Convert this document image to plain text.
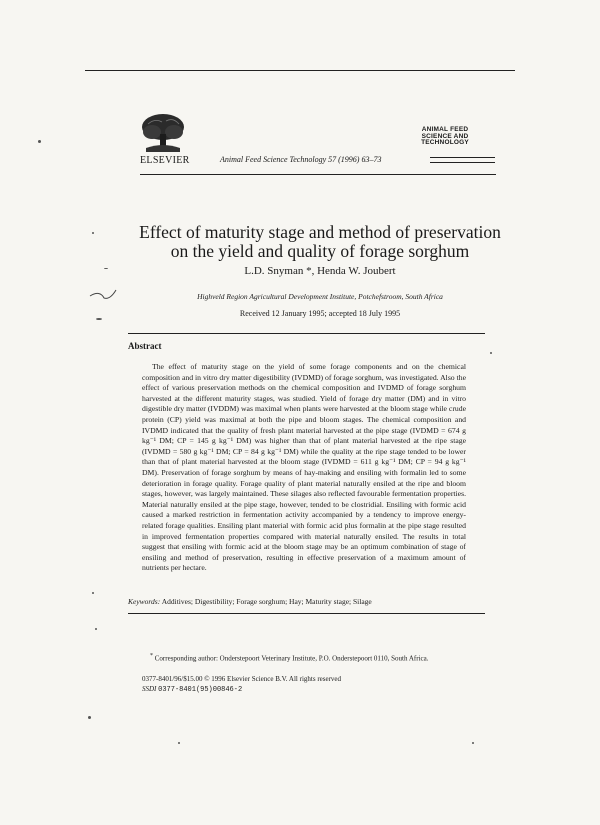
ELSEVIER
ANIMAL FEED
SCIENCE AND
TECHNOLOGY
Animal Feed Science Technology 57 (1996) 63–73
Effect of maturity stage and method of preservation
on the yield and quality of forage sorghum
L.D. Snyman *, Henda W. Joubert
Highveld Region Agricultural Development Institute, Potchefstroom, South Africa
Received 12 January 1995; accepted 18 July 1995
Abstract
The effect of maturity stage on the yield of some forage components and on the chemical composition and in vitro dry matter digestibility (IVDMD) of forage sorghum, was investigated. Also the effect of various preservation methods on the chemical composition and IVDMD of forage sorghum harvested at the different maturity stages, was studied. Yield of forage dry matter (DM) and in vitro digestible dry matter (IVDDM) was maximal when plants were harvested at the bloom stage while crude protein (CP) yield was maximal at both the pipe and bloom stages. The chemical composition and IVDMD indicated that the quality of fresh plant material harvested at the pipe stage (IVDMD = 674 g kg⁻¹ DM; CP = 145 g kg⁻¹ DM) was higher than that of plant material harvested at the ripe stage (IVDMD = 580 g kg⁻¹ DM; CP = 84 g kg⁻¹ DM) while the quality at the ripe stage tended to be lower than that of plant material harvested at the bloom stage (IVDMD = 611 g kg⁻¹ DM; CP = 94 g kg⁻¹ DM). Preservation of forage sorghum by means of hay-making and ensiling with formalin led to some deterioration in forage quality. Forage quality of plant material naturally ensiled at the ripe and bloom stages, however, was largely maintained. These silages also reflected favourable fermentation properties. Material naturally ensiled at the pipe stage, however, tended to be clostridial. Ensiling with formic acid caused a marked restriction in fermentation activity accompanied by a tendency to improve energy-related forage qualities. Ensiling plant material with formic acid plus formalin at the pipe stage resulted in improved fermentation properties compared with material naturally ensiled. The results in total suggest that ensiling with formic acid at the bloom stage may be an optimum combination of stage of ensiling and method of preservation, resulting in effective preservation of a maximum amount of nutrients per hectare.
Keywords: Additives; Digestibility; Forage sorghum; Hay; Maturity stage; Silage
* Corresponding author: Onderstepoort Veterinary Institute, P.O. Onderstepoort 0110, South Africa.
0377-8401/96/$15.00 © 1996 Elsevier Science B.V. All rights reserved
SSDI 0377-8401(95)00846-2
